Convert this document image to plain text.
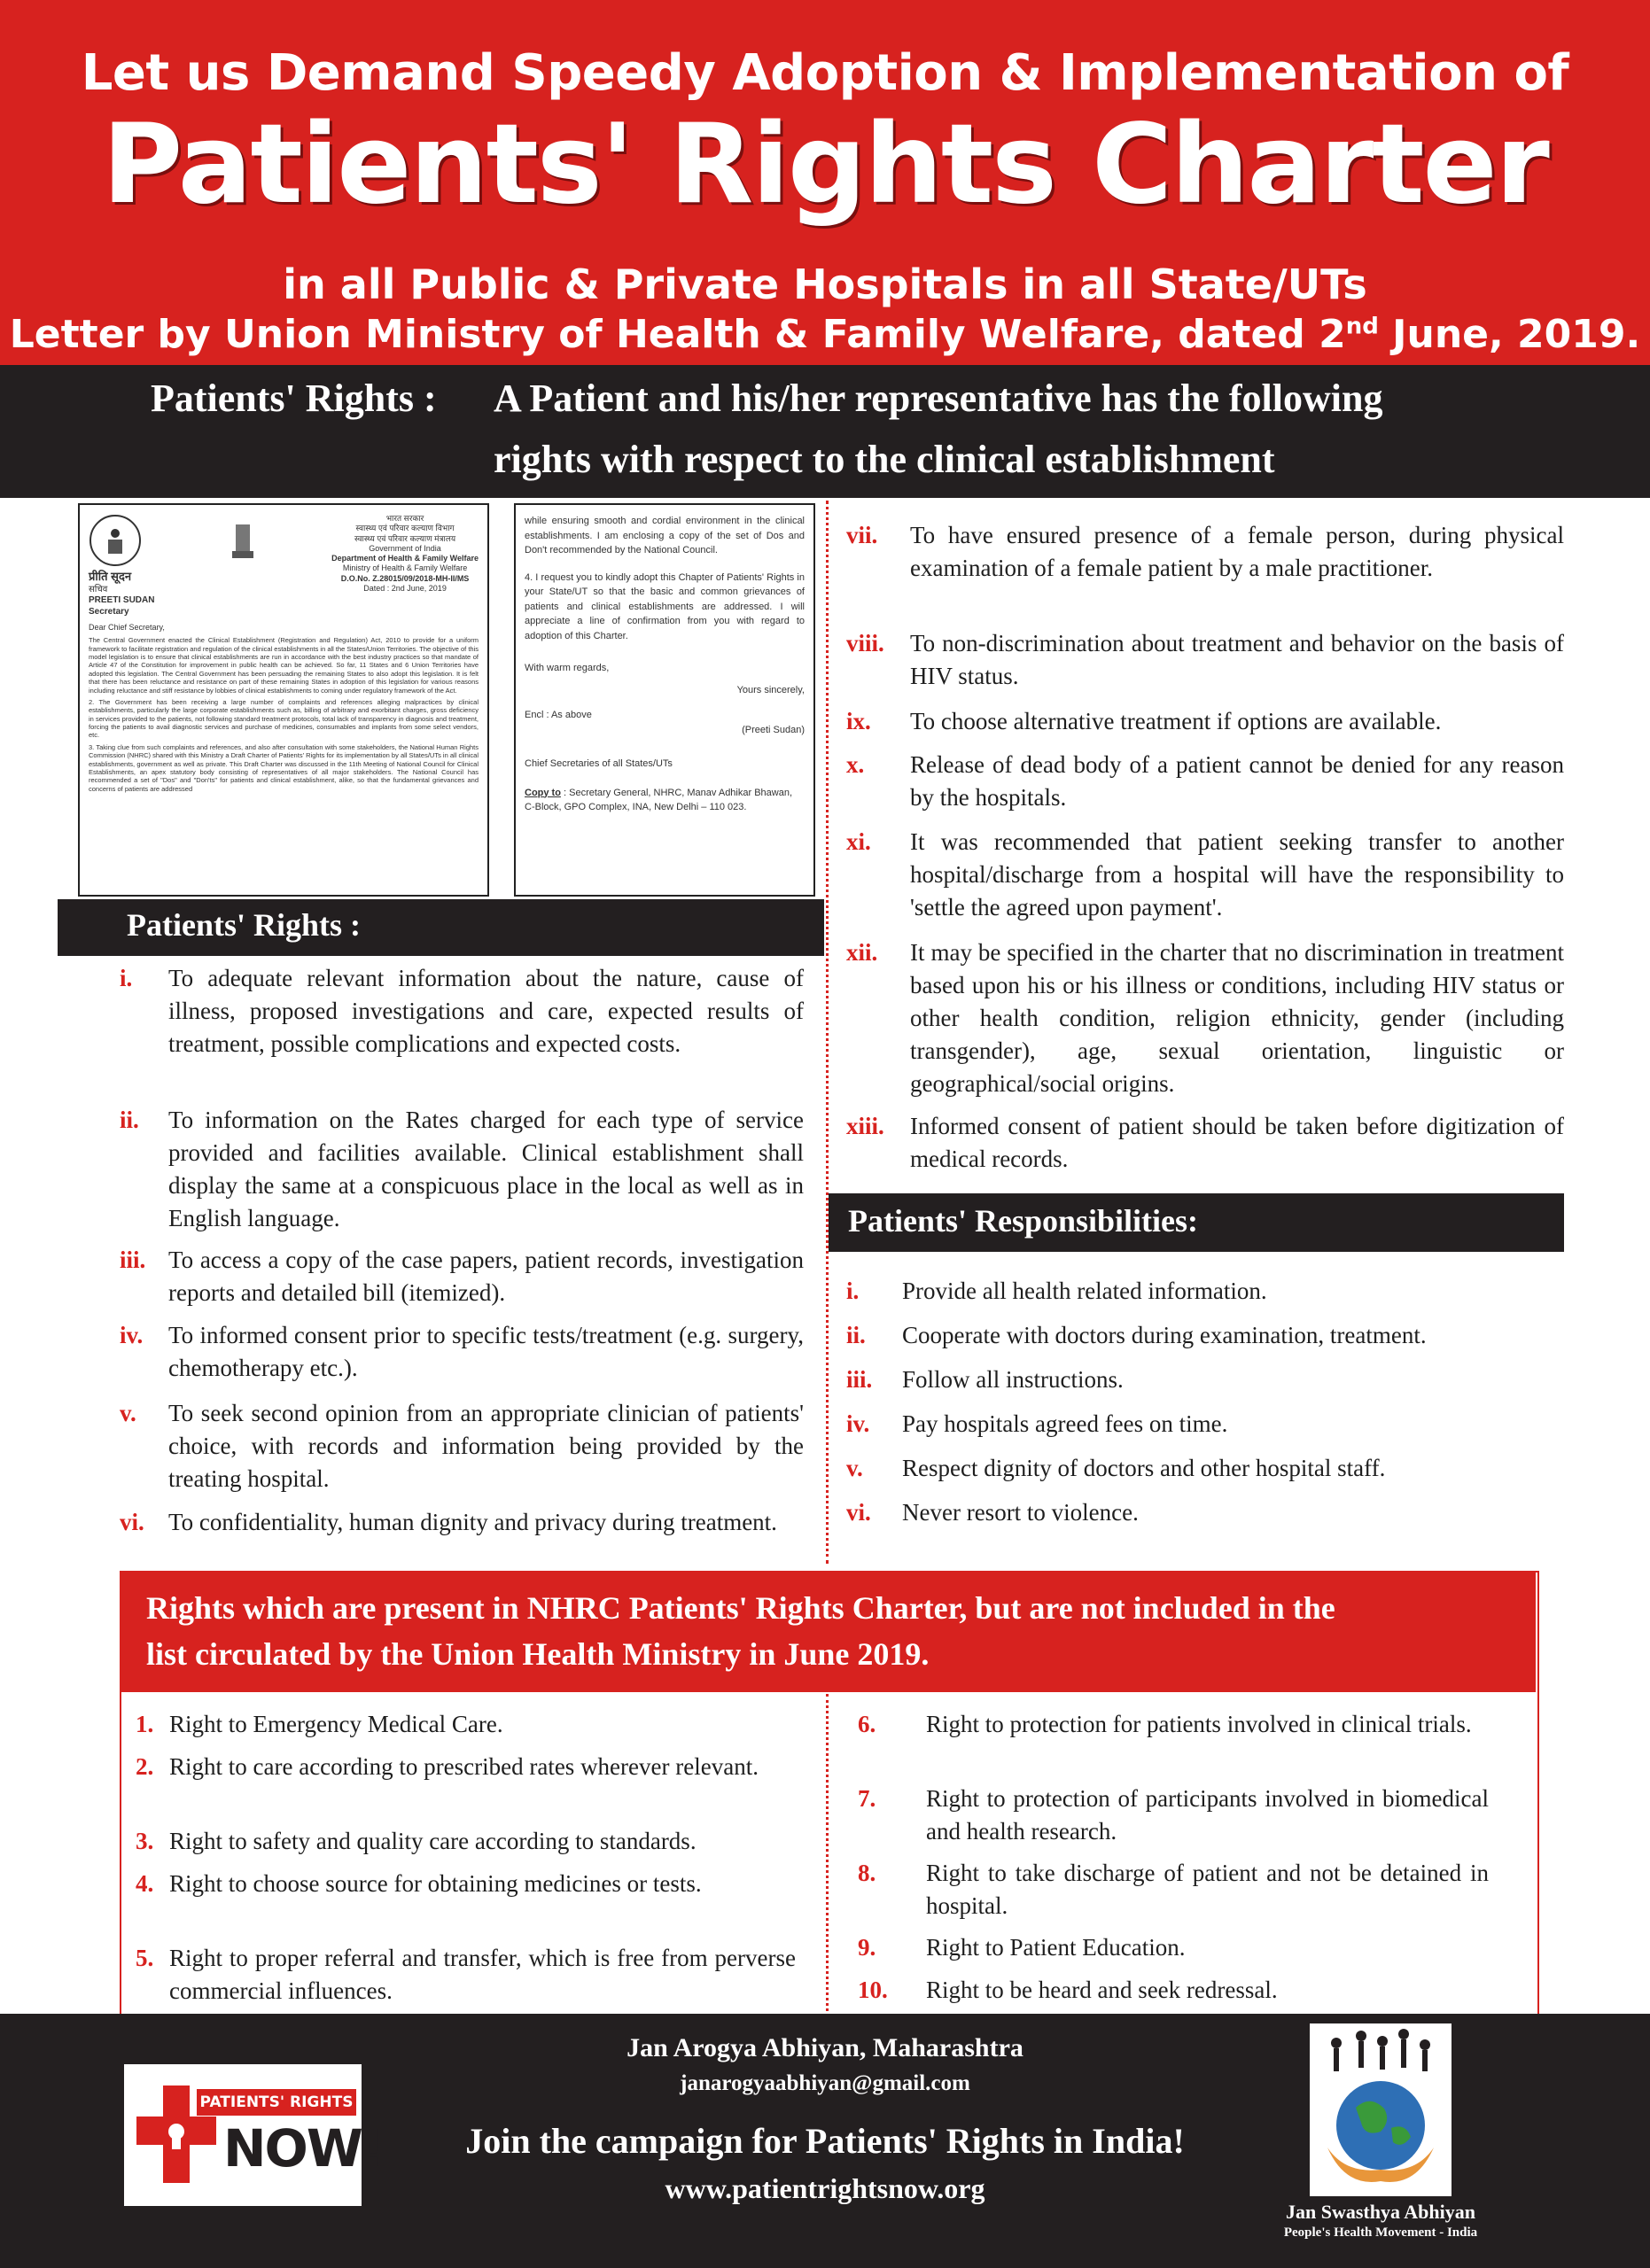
Let us Demand Speedy Adoption & Implementation of
Patients' Rights Charter
in all Public & Private Hospitals in all State/UTs
Letter by Union Ministry of Health & Family Welfare, dated 2nd June, 2019.
Patients' Rights : A Patient and his/her representative has the following
rights with respect to the clinical establishment
प्रीति सूदन
सचिव
PREETI SUDAN
Secretary
भारत सरकार
स्वास्थ्य एवं परिवार कल्याण विभाग
स्वास्थ्य एवं परिवार कल्याण मंत्रालय
Government of India
Department of Health & Family Welfare
Ministry of Health & Family Welfare
D.O.No. Z.28015/09/2018-MH-II/MS
Dated : 2nd June, 2019
Dear Chief Secretary,
The Central Government enacted the Clinical Establishment (Registration and Regulation) Act, 2010 to provide for a uniform framework to facilitate registration and regulation of the clinical establishments in all the States/Union Territories. The objective of this model legislation is to ensure that clinical establishments are run in accordance with the best industry practices so that mandate of Article 47 of the Constitution for improvement in public health can be achieved. So far, 11 States and 6 Union Territories have adopted this legislation. The Central Government has been persuading the remaining States to also adopt this legislation. It is felt that there has been reluctance and resistance on part of these remaining States in adoption of this legislation for various reasons including reluctance and stiff resistance by lobbies of clinical establishments to coming under regulatory framework of the Act.
2. The Government has been receiving a large number of complaints and references alleging malpractices by clinical establishments, particularly the large corporate establishments such as, billing of arbitrary and exorbitant charges, gross deficiency in services provided to the patients, not following standard treatment protocols, total lack of transparency in diagnosis and treatment, forcing the patients to avail diagnostic services and purchase of medicines, consumables and implants from some select vendors, etc.
3. Taking clue from such complaints and references, and also after consultation with some stakeholders, the National Human Rights Commission (NHRC) shared with this Ministry a Draft Charter of Patients' Rights for its implementation by all States/UTs in all clinical establishments, government as well as private. This Draft Charter was discussed in the 11th Meeting of National Council for Clinical Establishments, an apex statutory body consisting of representatives of all major stakeholders. The National Council has recommended a set of "Dos" and "Don'ts" for patients and clinical establishment, alike, so that the fundamental grievances and concerns of patients are addressed
while ensuring smooth and cordial environment in the clinical establishments. I am enclosing a copy of the set of Dos and Don't recommended by the National Council.
4. I request you to kindly adopt this Chapter of Patients' Rights in your State/UT so that the basic and common grievances of patients and clinical establishments are addressed. I will appreciate a line of confirmation from you with regard to adoption of this Charter.
With warm regards,
Yours sincerely,
Encl : As above
(Preeti Sudan)
Chief Secretaries of all States/UTs
Copy to : Secretary General, NHRC, Manav Adhikar Bhawan, C-Block, GPO Complex, INA, New Delhi – 110 023.
Patients' Rights :
i.	To adequate relevant information about the nature, cause of illness, proposed investigations and care, expected results of treatment, possible complications and expected costs.
ii.	To information on the Rates charged for each type of service provided and facilities available. Clinical establishment shall display the same at a conspicuous place in the local as well as in English language.
iii. To access a copy of the case papers, patient records, investigation reports and detailed bill (itemized).
iv.	To informed consent prior to specific tests/treatment (e.g. surgery, chemotherapy etc.).
v.	To seek second opinion from an appropriate clinician of patients' choice, with records and information being provided by the treating hospital.
vi.	To confidentiality, human dignity and privacy during treatment.
vii.	To have ensured presence of a female person, during physical examination of a female patient by a male practitioner.
viii.	To non-discrimination about treatment and behavior on the basis of HIV status.
ix.	To choose alternative treatment if options are available.
x.	Release of dead body of a patient cannot be denied for any reason by the hospitals.
xi.	It was recommended that patient seeking transfer to another hospital/discharge from a hospital will have the responsibility to 'settle the agreed upon payment'.
xii.	It may be specified in the charter that no discrimination in treatment based upon his or his illness or conditions, including HIV status or other health condition, religion ethnicity, gender (including transgender), age, sexual orientation, linguistic or geographical/social origins.
xiii.	Informed consent of patient should be taken before digitization of medical records.
Patients' Responsibilities:
i.	Provide all health related information.
ii.	Cooperate with doctors during examination, treatment.
iii.	Follow all instructions.
iv.	Pay hospitals agreed fees on time.
v.	Respect dignity of doctors and other hospital staff.
vi.	Never resort to violence.
Rights which are present in NHRC Patients' Rights Charter, but are not included in the
list circulated by the Union Health Ministry in June 2019.
1. Right to Emergency Medical Care.
2. Right to care according to prescribed rates wherever relevant.
3. Right to safety and quality care according to standards.
4. Right to choose source for obtaining medicines or tests.
5. Right to proper referral and transfer, which is free from perverse commercial influences.
6.	Right to protection for patients involved in clinical trials.
7.	Right to protection of participants involved in biomedical and health research.
8.	Right to take discharge of patient and not be detained in hospital.
9.	Right to Patient Education.
10.	Right to be heard and seek redressal.
PATIENTS' RIGHTS
NOW!
Jan Arogya Abhiyan, Maharashtra
janarogyaabhiyan@gmail.com
Join the campaign for Patients' Rights in India!
www.patientrightsnow.org
Jan Swasthya Abhiyan
People's Health Movement - India
